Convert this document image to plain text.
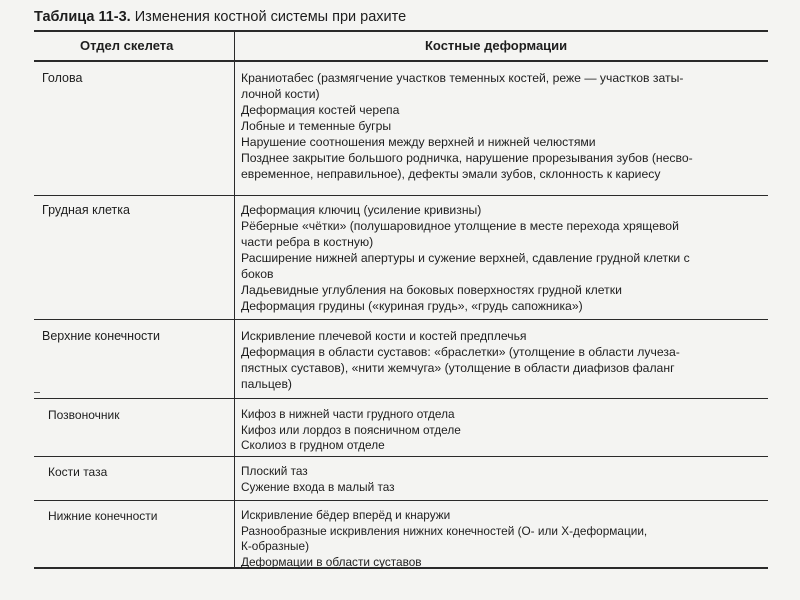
Таблица 11-3. Изменения костной системы при рахите
Отдел скелета	Костные деформации
Голова	Краниотабес (размягчение участков теменных костей, реже — участков заты-
лочной кости)
Деформация костей черепа
Лобные и теменные бугры
Нарушение соотношения между верхней и нижней челюстями
Позднее закрытие большого родничка, нарушение прорезывания зубов (несво-
евременное, неправильное), дефекты эмали зубов, склонность к кариесу
Грудная клетка	Деформация ключиц (усиление кривизны)
Рёберные «чётки» (полушаровидное утолщение в месте перехода хрящевой
части ребра в костную)
Расширение нижней апертуры и сужение верхней, сдавление грудной клетки с
боков
Ладьевидные углубления на боковых поверхностях грудной клетки
Деформация грудины («куриная грудь», «грудь сапожника»)
Верхние конечности	Искривление плечевой кости и костей предплечья
Деформация в области суставов: «браслетки» (утолщение в области лучеза-
пястных суставов), «нити жемчуга» (утолщение в области диафизов фаланг
пальцев)
Позвоночник	Кифоз в нижней части грудного отдела
Кифоз или лордоз в поясничном отделе
Сколиоз в грудном отделе
Кости таза	Плоский таз
Сужение входа в малый таз
Нижние конечности	Искривление бёдер вперёд и кнаружи
Разнообразные искривления нижних конечностей (О- или Х-деформации,
К-образные)
Деформации в области суставов
